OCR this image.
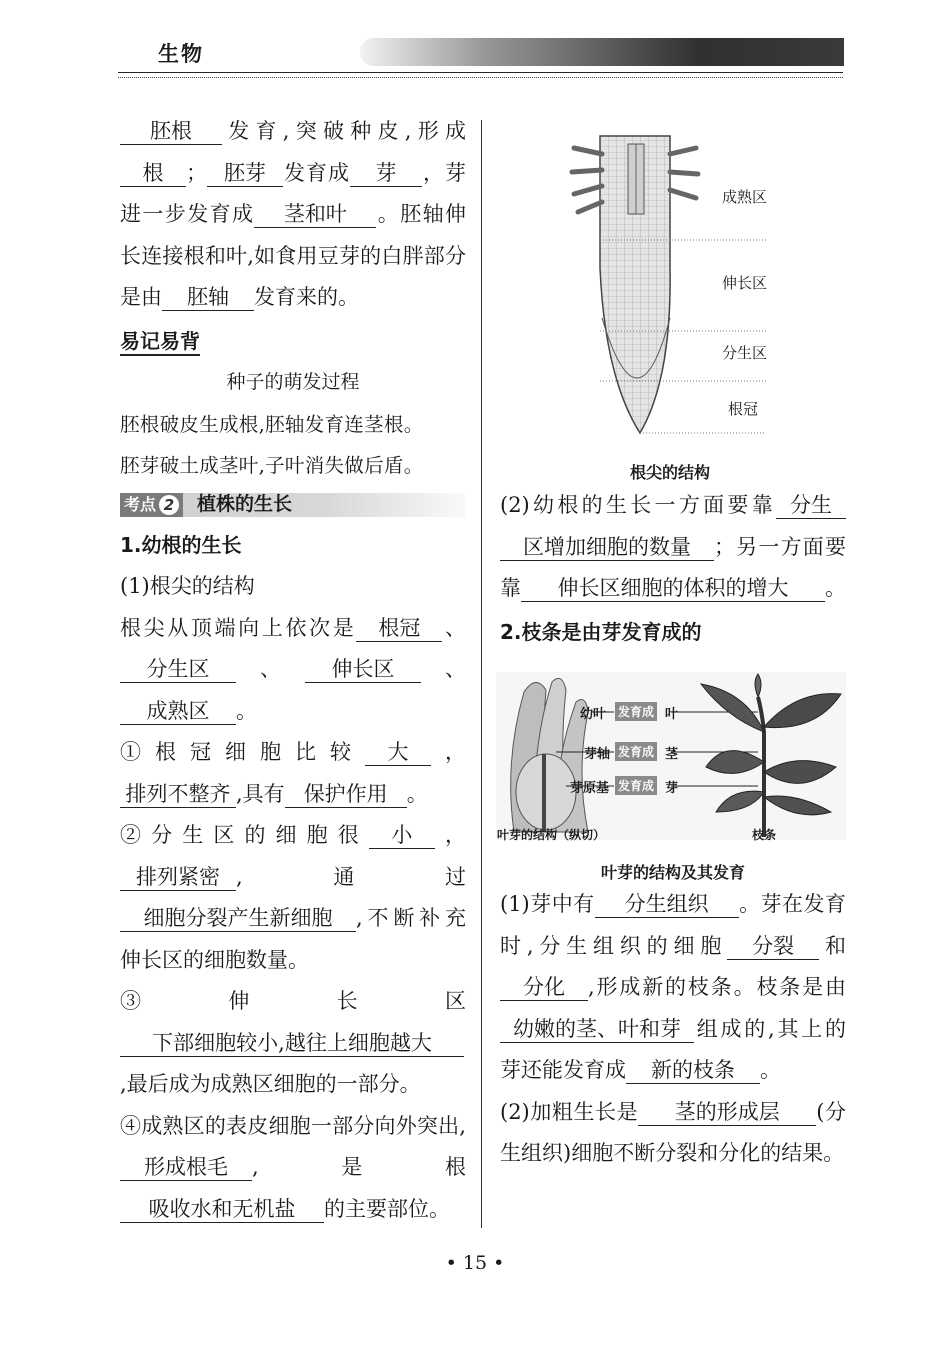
生物

胚根 发育,突破种皮,形成根 ； 胚芽 发育成 芽 ，芽进一步发育成 茎和叶 。胚轴伸长连接根和叶,如食用豆芽的白胖部分是由 胚轴 发育来的。

易记易背
种子的萌发过程
胚根破皮生成根,胚轴发育连茎根。
胚芽破土成茎叶,子叶消失做后盾。
考点 2 植株的生长
1.幼根的生长
(1)根尖的结构

根尖从顶端向上依次是 根冠 、分生区 、 伸长区 、成熟区 。

①根冠细胞比较 大 ，排列不整齐 ,具有 保护作用 。

②分生区的细胞很 小 ，排列紧密 ,通过细胞分裂产生新细胞 ,不断补充伸长区的细胞数量。

③伸长区下部细胞较小,越往上细胞越大,最后成为成熟区细胞的一部分。

④成熟区的表皮细胞一部分向外突出,形成根毛 ,是根吸收水和无机盐 的主要部位。

成熟区
伸长区
分生区
根冠
根尖的结构

(2)幼根的生长一方面要靠 分生区增加细胞的数量 ；另一方面要靠 伸长区细胞的体积的增大 。

2.枝条是由芽发育成的
幼叶 发育成 叶
芽轴 发育成 茎
芽原基 发育成 芽
叶芽的结构（纵切）	枝条
叶芽的结构及其发育

(1)芽中有 分生组织 。芽在发育时,分生组织的细胞 分裂 和分化 ,形成新的枝条。枝条是由幼嫩的茎、叶和芽 组成的,其上的芽还能发育成 新的枝条 。

(2)加粗生长是 茎的形成层 (分生组织)细胞不断分裂和分化的结果。

• 15 •
